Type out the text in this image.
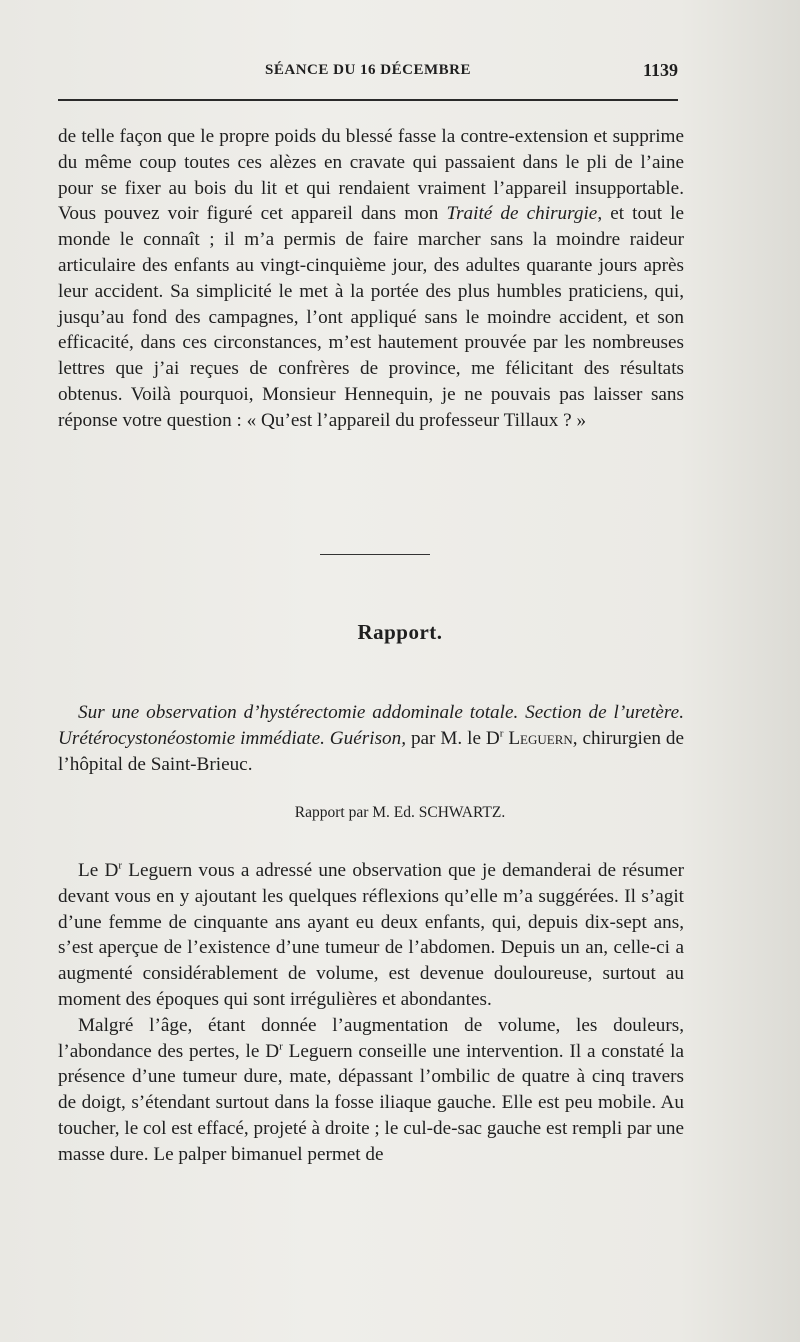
SÉANCE DU 16 DÉCEMBRE	1139

de telle façon que le propre poids du blessé fasse la contre-extension et supprime du même coup toutes ces alèzes en cravate qui passaient dans le pli de l’aine pour se fixer au bois du lit et qui rendaient vraiment l’appareil insupportable. Vous pouvez voir figuré cet appareil dans mon Traité de chirurgie, et tout le monde le connaît ; il m’a permis de faire marcher sans la moindre raideur articulaire des enfants au vingt-cinquième jour, des adultes quarante jours après leur accident. Sa simplicité le met à la portée des plus humbles praticiens, qui, jusqu’au fond des campagnes, l’ont appliqué sans le moindre accident, et son efficacité, dans ces circonstances, m’est hautement prouvée par les nombreuses lettres que j’ai reçues de confrères de province, me félicitant des résultats obtenus. Voilà pourquoi, Monsieur Hennequin, je ne pouvais pas laisser sans réponse votre question : « Qu’est l’appareil du professeur Tillaux ? »

Rapport.
Sur une observation d’hystérectomie addominale totale. Section de l’uretère. Urétérocystonéostomie immédiate. Guérison, par M. le $D^r$ Leguern, chirurgien de l’hôpital de Saint-Brieuc.
Rapport par M. Ed. SCHWARTZ.

Le $D^r$ Leguern vous a adressé une observation que je demanderai de résumer devant vous en y ajoutant les quelques réflexions qu’elle m’a suggérées. Il s’agit d’une femme de cinquante ans ayant eu deux enfants, qui, depuis dix-sept ans, s’est aperçue de l’existence d’une tumeur de l’abdomen. Depuis un an, celle-ci a augmenté considérablement de volume, est devenue douloureuse, surtout au moment des époques qui sont irrégulières et abondantes.

Malgré l’âge, étant donnée l’augmentation de volume, les douleurs, l’abondance des pertes, le $D^r$ Leguern conseille une intervention. Il a constaté la présence d’une tumeur dure, mate, dépassant l’ombilic de quatre à cinq travers de doigt, s’étendant surtout dans la fosse iliaque gauche. Elle est peu mobile. Au toucher, le col est effacé, projeté à droite ; le cul-de-sac gauche est rempli par une masse dure. Le palper bimanuel permet de
